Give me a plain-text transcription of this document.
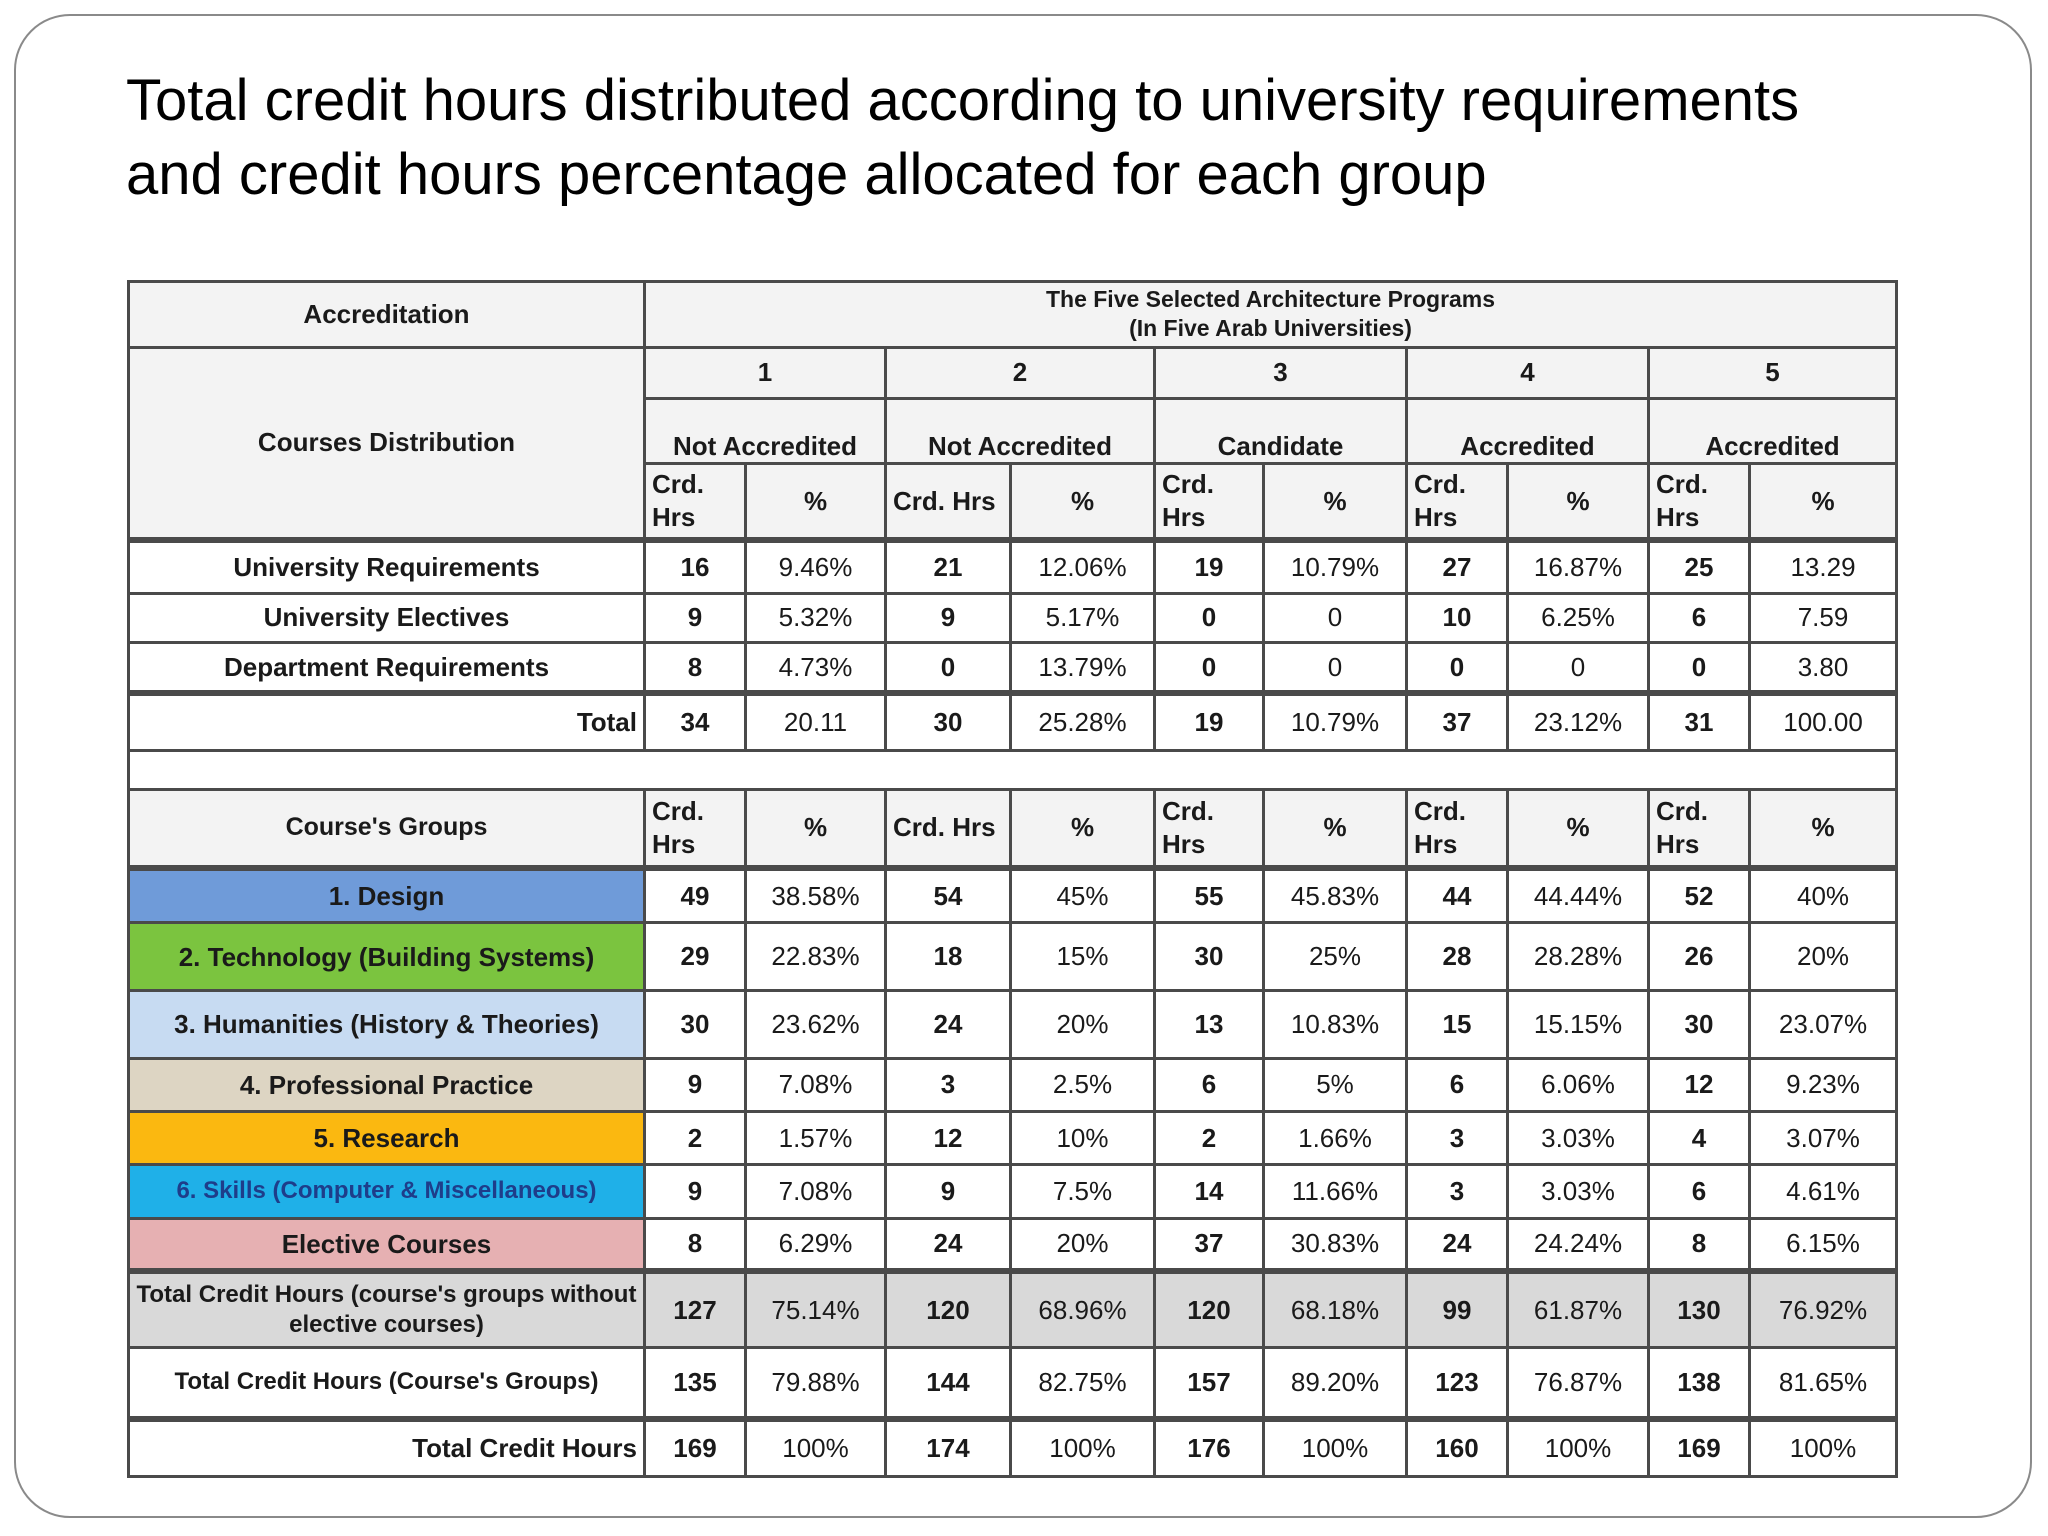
Total credit hours distributed according to university requirements and credit hours percentage allocated for each group
Accreditation	The Five Selected Architecture Programs
(In Five Arab Universities)									

Courses Distribution	1		2		3		4		5	
	Not Accredited		Not Accredited		Candidate		Accredited		Accredited	
	Crd. Hrs	%	Crd. Hrs	%	Crd. Hrs	%	Crd. Hrs	%	Crd. Hrs	%
University Requirements	16	9.46%	21	12.06%	19	10.79%	27	16.87%	25	13.29
University Electives	9	5.32%	9	5.17%	0	0	10	6.25%	6	7.59
Department Requirements	8	4.73%	0	13.79%	0	0	0	0	0	3.80
Total	34	20.11	30	25.28%	19	10.79%	37	23.12%	31	100.00

Course's Groups	Crd. Hrs	%	Crd. Hrs	%	Crd. Hrs	%	Crd. Hrs	%	Crd. Hrs	%
1. Design	49	38.58%	54	45%	55	45.83%	44	44.44%	52	40%
2. Technology (Building Systems)	29	22.83%	18	15%	30	25%	28	28.28%	26	20%
3. Humanities (History & Theories)	30	23.62%	24	20%	13	10.83%	15	15.15%	30	23.07%
4. Professional Practice	9	7.08%	3	2.5%	6	5%	6	6.06%	12	9.23%
5. Research	2	1.57%	12	10%	2	1.66%	3	3.03%	4	3.07%
6. Skills (Computer & Miscellaneous)	9	7.08%	9	7.5%	14	11.66%	3	3.03%	6	4.61%
Elective Courses	8	6.29%	24	20%	37	30.83%	24	24.24%	8	6.15%
Total Credit Hours (course's groups without elective courses)	127	75.14%	120	68.96%	120	68.18%	99	61.87%	130	76.92%
Total Credit Hours (Course's Groups)	135	79.88%	144	82.75%	157	89.20%	123	76.87%	138	81.65%
Total Credit Hours	169	100%	174	100%	176	100%	160	100%	169	100%
